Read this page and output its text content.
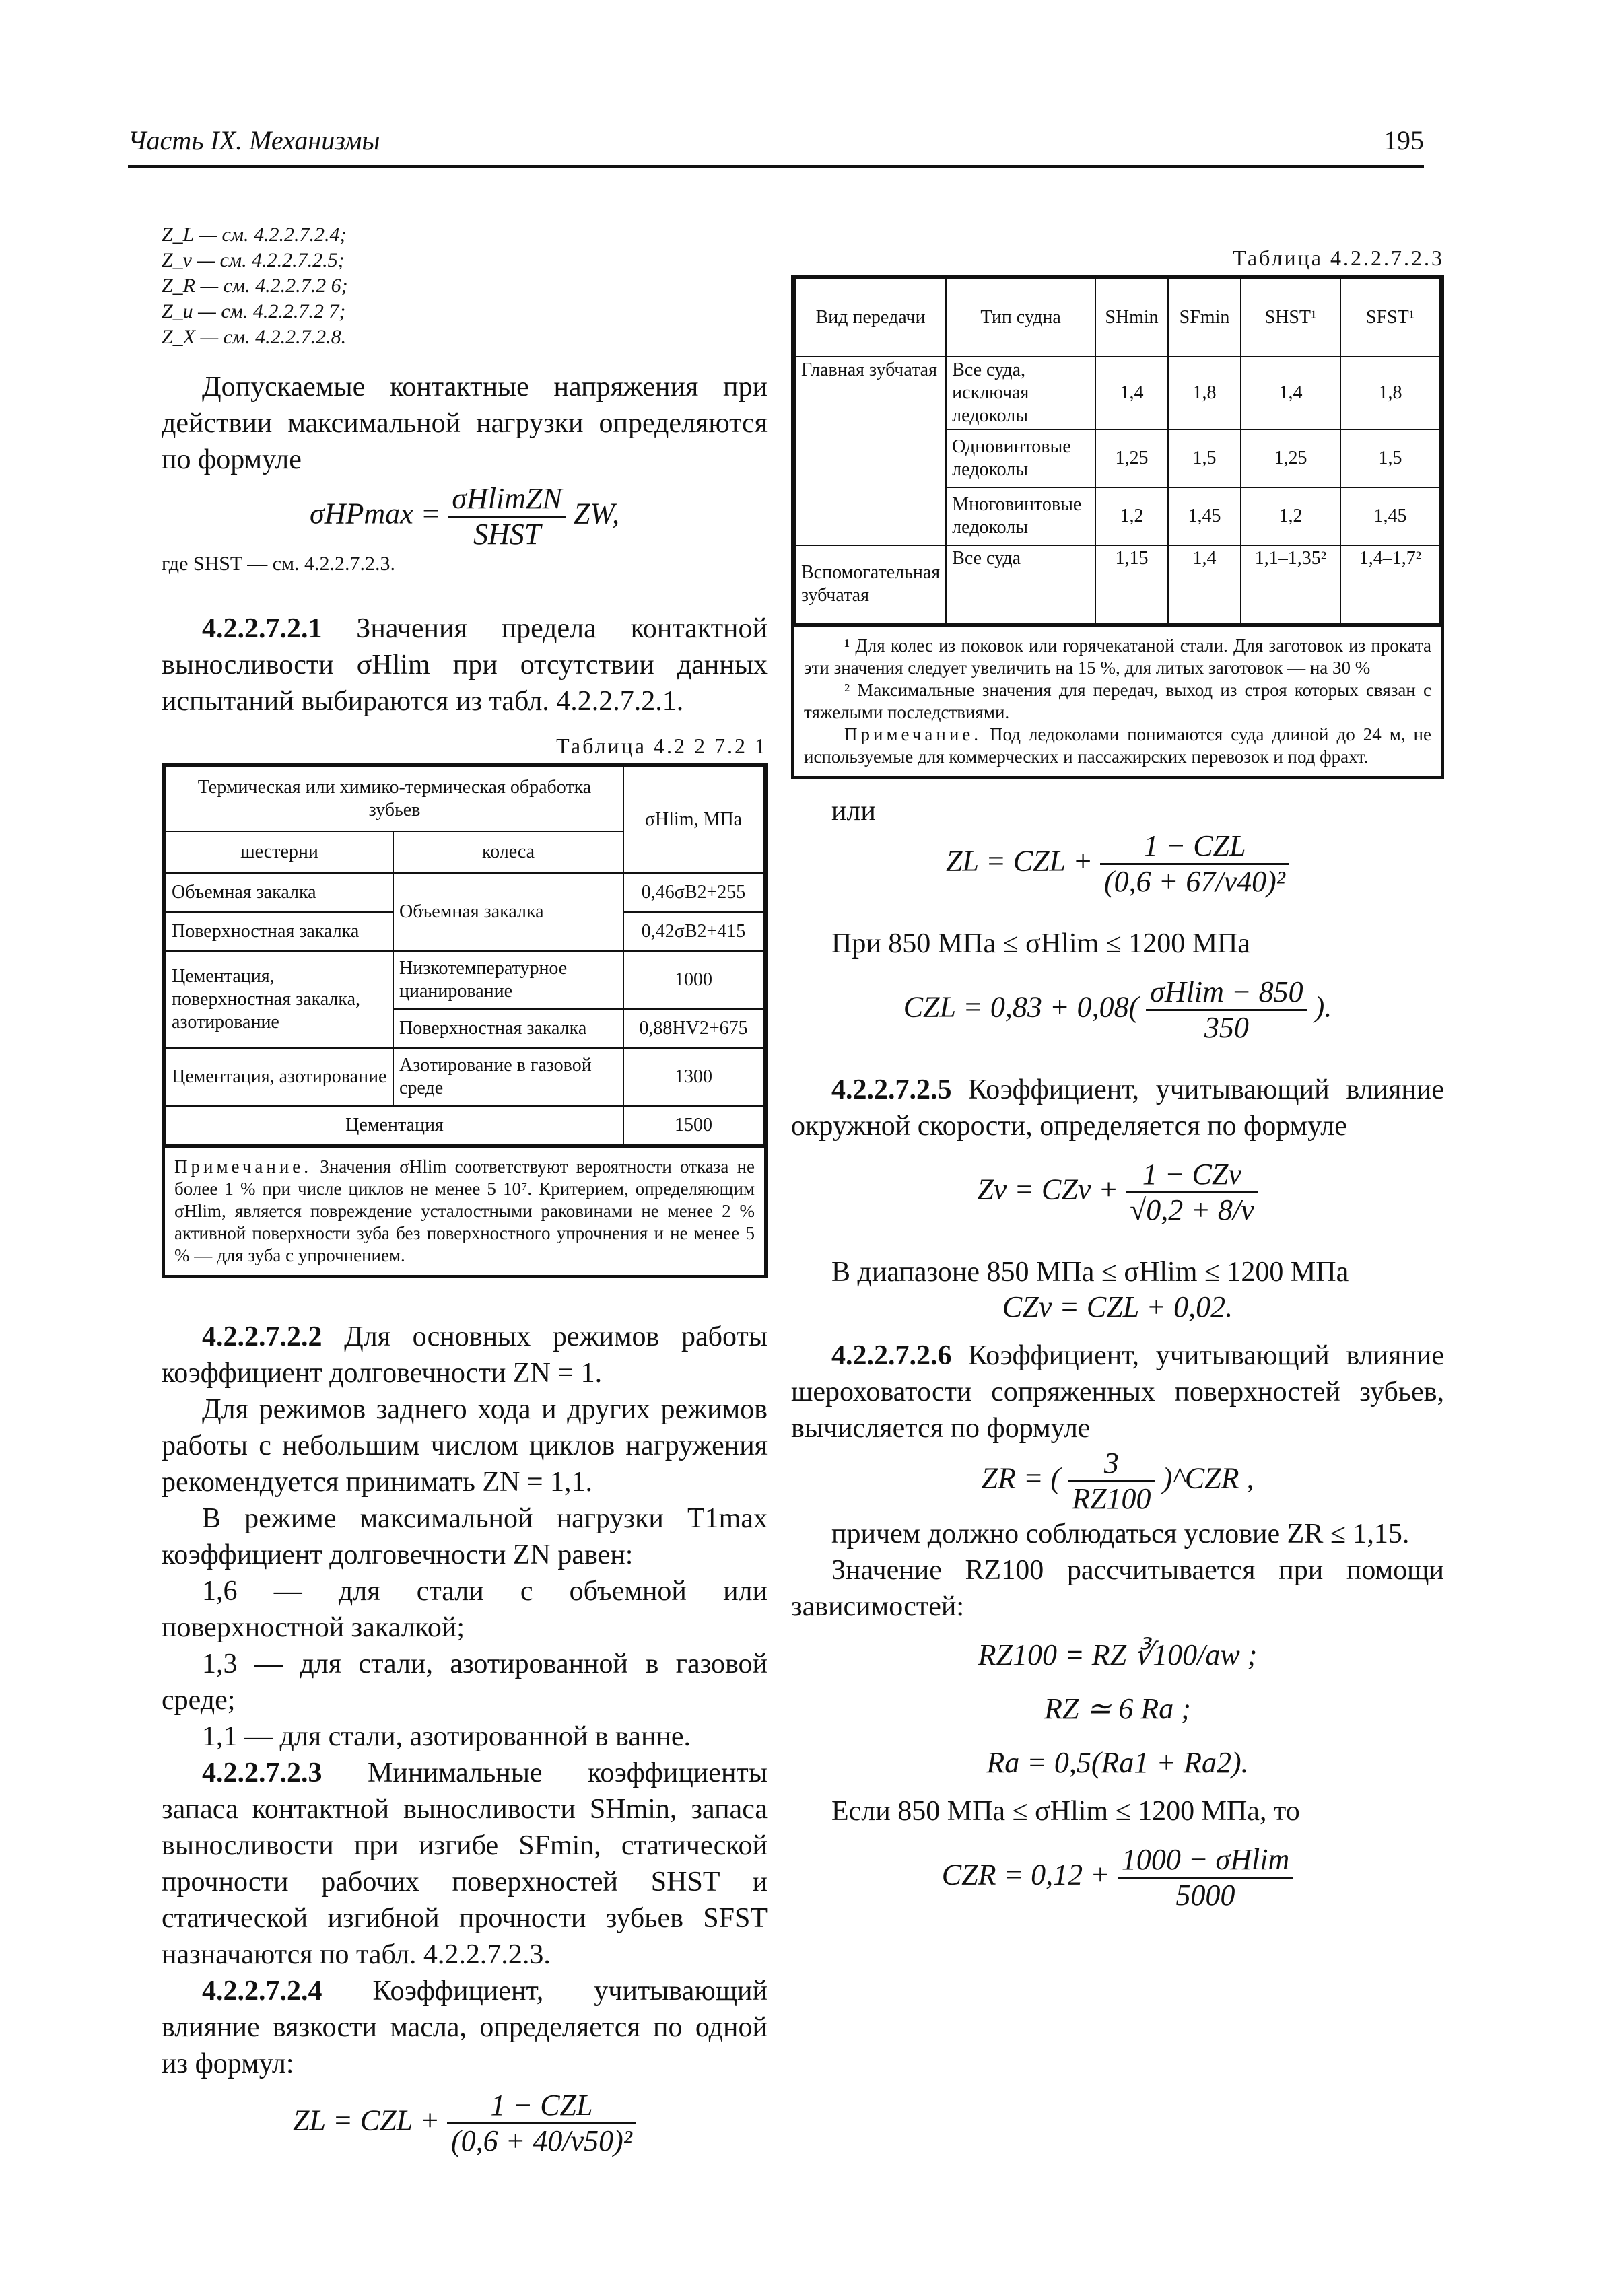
Часть IX. Механизмы	195

Z_L — см. 4.2.2.7.2.4;

Z_v — см. 4.2.2.7.2.5;

Z_R — см. 4.2.2.7.2 6;

Z_u — см. 4.2.2.7.2 7;

Z_X — см. 4.2.2.7.2.8.

Допускаемые контактные напряжения при действии максимальной нагрузки определяются по формуле

$\sigma HPmax = \frac{\text{σHlimZN}}{\text{SHST}}$ ZW,

где SHST — см. 4.2.2.7.2.3.

4.2.2.7.2.1 Значения предела контактной выносливости σHlim при отсутствии данных испытаний выбираются из табл. 4.2.2.7.2.1.

Таблица 4.2 2 7.2 1
Термическая или химико-термическая обработка зубьев		σHlim, МПа
шестерни	колеса	
Объемная закалка	Объемная закалка	0,46σB2+255
Поверхностная закалка		0,42σB2+415
Цементация, поверхностная закалка, азотирование	Низкотемпературное цианирование	1000
	Поверхностная закалка	0,88HV2+675
Цементация, азотирование	Азотирование в газовой среде	1300
Цементация		1500
Примечание. Значения σHlim соответствуют вероятности отказа не более 1 % при числе циклов не менее 5 10⁷. Критерием, определяющим σHlim, является повреждение усталостными раковинами не менее 2 % активной поверхности зуба без поверхностного упрочнения и не менее 5 % — для зуба с упрочнением.

4.2.2.7.2.2 Для основных режимов работы коэффициент долговечности ZN = 1.

Для режимов заднего хода и других режимов работы с небольшим числом циклов нагружения рекомендуется принимать ZN = 1,1.

В режиме максимальной нагрузки T1max коэффициент долговечности ZN равен:

1,6 — для стали с объемной или поверхностной закалкой;

1,3 — для стали, азотированной в газовой среде;

1,1 — для стали, азотированной в ванне.

4.2.2.7.2.3 Минимальные коэффициенты запаса контактной выносливости SHmin, запаса выносливости при изгибе SFmin, статической прочности рабочих поверхностей SHST и статической изгибной прочности зубьев SFST назначаются по табл. 4.2.2.7.2.3.

4.2.2.7.2.4 Коэффициент, учитывающий влияние вязкости масла, определяется по одной из формул:

ZL = CZL + $\frac{\text{1 − CZL}}{\text{(0,6 + 40/v50)²}}$
Таблица 4.2.2.7.2.3
Вид передачи	Тип судна	SHmin	SFmin	SHST¹	SFST¹
Главная зубчатая	Все суда, исключая ледоколы	1,4	1,8	1,4	1,8
	Одновинтовые ледоколы	1,25	1,5	1,25	1,5
	Многовинтовые ледоколы	1,2	1,45	1,2	1,45
Вспомогательная зубчатая	Все суда	1,15	1,4	1,1–1,35²	1,4–1,7²

¹ Для колес из поковок или горячекатаной стали. Для заготовок из проката эти значения следует увеличить на 15 %, для литых заготовок — на 30 %

² Максимальные значения для передач, выход из строя которых связан с тяжелыми последствиями.

Примечание. Под ледоколами понимаются суда длиной до 24 м, не используемые для коммерческих и пассажирских перевозок и под фрахт.

или

ZL = CZL + $\frac{\text{1 − CZL}}{\text{(0,6 + 67/v40)²}}$

При 850 МПа ≤ σHlim ≤ 1200 МПа

CZL = $0,83 + 0,08( \frac{\sigma Hlim - 850}{350}$ ).

4.2.2.7.2.5 Коэффициент, учитывающий влияние окружной скорости, определяется по формуле

Zv = CZv + $\frac{\text{1 − CZv}}{√0,2 + 8/v}$

В диапазоне 850 МПа ≤ σHlim ≤ 1200 МПа

CZv = CZL + 0,02.

4.2.2.7.2.6 Коэффициент, учитывающий влияние шероховатости сопряженных поверхностей зубьев, вычисляется по формуле

ZR = ( $\frac{3}{RZ100}$ )^CZR ,

причем должно соблюдаться условие ZR ≤ 1,15.

Значение RZ100 рассчитывается при помощи зависимостей:

RZ100 = RZ ∛100/aw ;

RZ ≃ 6 Ra ;

Ra = 0,5(Ra1 + Ra2).

Если 850 МПа ≤ σHlim ≤ 1200 МПа, то

CZR = $0,12 + \frac{1000 - \sigma Hlim}{5000}$
